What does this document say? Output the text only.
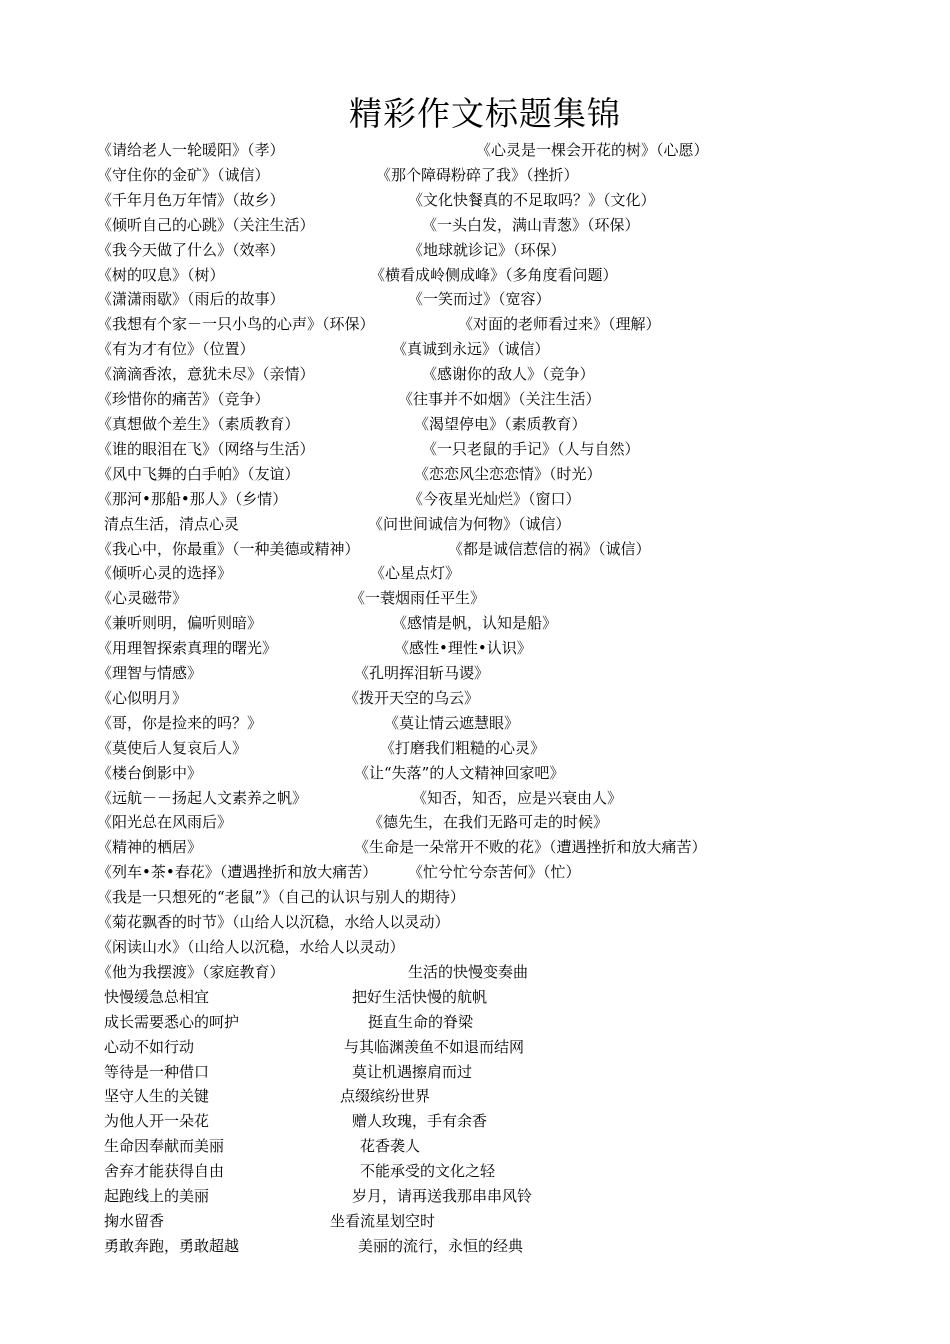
精彩作文标题集锦
《请给老人一轮暖阳》（孝）	《心灵是一棵会开花的树》（心愿）
《守住你的金矿》（诚信）	《那个障碍粉碎了我》（挫折）
《千年月色万年情》（故乡）	《文化快餐真的不足取吗？》（文化）
《倾听自己的心跳》（关注生活）	《一头白发，满山青葱》（环保）
《我今天做了什么》（效率）	《地球就诊记》（环保）
《树的叹息》（树）	《横看成岭侧成峰》（多角度看问题）
《潇潇雨歇》（雨后的故事）	《一笑而过》（宽容）
《我想有个家－一只小鸟的心声》（环保）	《对面的老师看过来》（理解）
《有为才有位》（位置）	《真诚到永远》（诚信）
《滴滴香浓，意犹未尽》（亲情）	《感谢你的敌人》（竞争）
《珍惜你的痛苦》（竞争）	《往事并不如烟》（关注生活）
《真想做个差生》（素质教育）	《渴望停电》（素质教育）
《谁的眼泪在飞》（网络与生活）	《一只老鼠的手记》（人与自然）
《风中飞舞的白手帕》（友谊）	《恋恋风尘恋恋情》（时光）
《那河•那船•那人》（乡情）	《今夜星光灿烂》（窗口）
清点生活，清点心灵	《问世间诚信为何物》（诚信）
《我心中，你最重》（一种美德或精神）	《都是诚信惹信的祸》（诚信）
《倾听心灵的选择》	《心星点灯》
《心灵磁带》	《一蓑烟雨任平生》
《兼听则明，偏听则暗》	《感情是帆，认知是船》
《用理智探索真理的曙光》	《感性•理性•认识》
《理智与情感》	《孔明挥泪斩马谡》
《心似明月》	《拨开天空的乌云》
《哥，你是捡来的吗？》	《莫让情云遮慧眼》
《莫使后人复哀后人》	《打磨我们粗糙的心灵》
《楼台倒影中》	《让“失落”的人文精神回家吧》
《远航－－扬起人文素养之帆》	《知否，知否，应是兴衰由人》
《阳光总在风雨后》	《德先生，在我们无路可走的时候》
《精神的栖居》	《生命是一朵常开不败的花》（遭遇挫折和放大痛苦）
《列车•茶•春花》（遭遇挫折和放大痛苦） 《忙兮忙兮奈苦何》（忙）
《我是一只想死的“老鼠”》（自己的认识与别人的期待）
《菊花飘香的时节》（山给人以沉稳，水给人以灵动）
《闲读山水》（山给人以沉稳，水给人以灵动）
《他为我摆渡》（家庭教育）	生活的快慢变奏曲
快慢缓急总相宜	把好生活快慢的航帆
成长需要悉心的呵护	挺直生命的脊梁
心动不如行动	与其临渊羡鱼不如退而结网
等待是一种借口	莫让机遇擦肩而过
坚守人生的关键	点缀缤纷世界
为他人开一朵花	赠人玫瑰，手有余香
生命因奉献而美丽	花香袭人
舍弃才能获得自由	不能承受的文化之轻
起跑线上的美丽	岁月，请再送我那串串风铃
掬水留香	坐看流星划空时
勇敢奔跑，勇敢超越	美丽的流行，永恒的经典
